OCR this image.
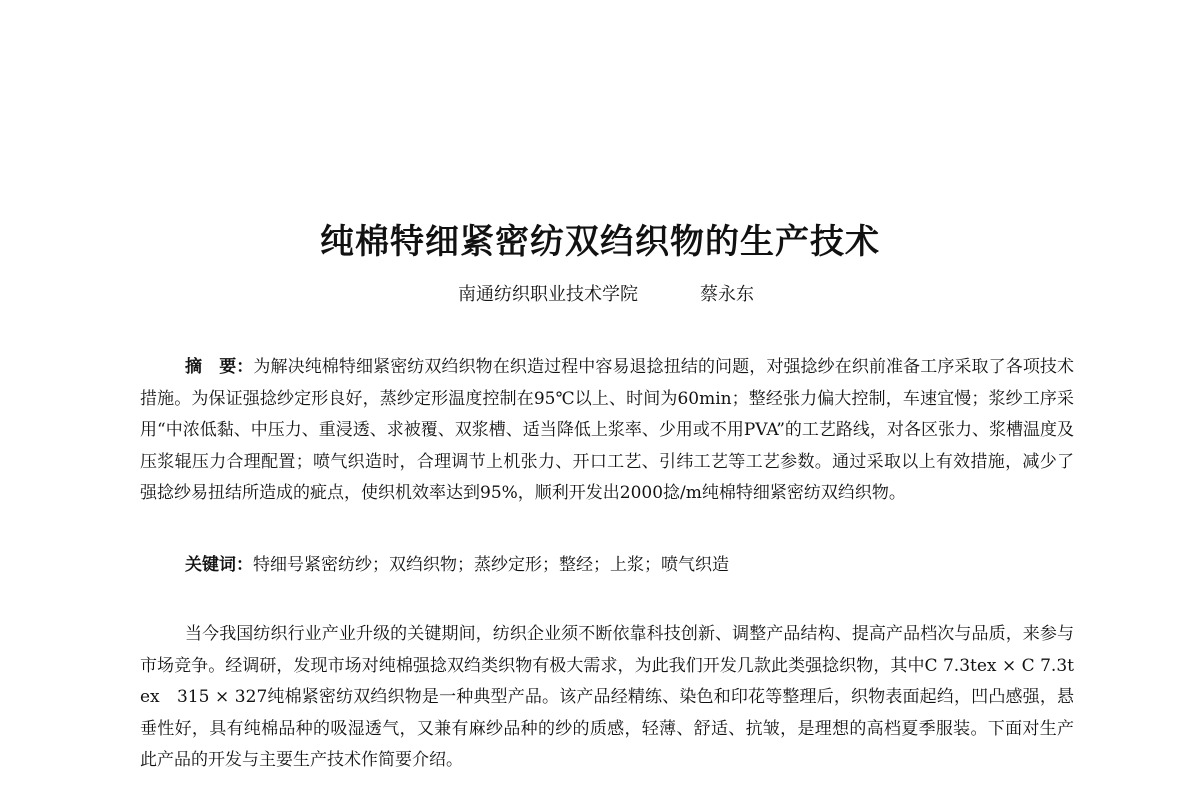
纯棉特细紧密纺双绉织物的生产技术
南通纺织职业技术学院	蔡永东

摘　要：为解决纯棉特细紧密纺双绉织物在织造过程中容易退捻扭结的问题，对强捻纱在织前准备工序采取了各项技术措施。为保证强捻纱定形良好，蒸纱定形温度控制在95℃以上、时间为60min；整经张力偏大控制，车速宜慢；浆纱工序采用“中浓低黏、中压力、重浸透、求被覆、双浆槽、适当降低上浆率、少用或不用PVA”的工艺路线，对各区张力、浆槽温度及压浆辊压力合理配置；喷气织造时，合理调节上机张力、开口工艺、引纬工艺等工艺参数。通过采取以上有效措施，减少了强捻纱易扭结所造成的疵点，使织机效率达到95%，顺利开发出2000捻/m纯棉特细紧密纺双绉织物。

关键词：特细号紧密纺纱；双绉织物；蒸纱定形；整经；上浆；喷气织造

当今我国纺织行业产业升级的关键期间，纺织企业须不断依靠科技创新、调整产品结构、提高产品档次与品质，来参与市场竞争。经调研，发现市场对纯棉强捻双绉类织物有极大需求，为此我们开发几款此类强捻织物，其中C 7.3tex × C 7.3tex　315 × 327纯棉紧密纺双绉织物是一种典型产品。该产品经精练、染色和印花等整理后，织物表面起绉，凹凸感强，悬垂性好，具有纯棉品种的吸湿透气，又兼有麻纱品种的纱的质感，轻薄、舒适、抗皱，是理想的高档夏季服装。下面对生产此产品的开发与主要生产技术作简要介绍。
